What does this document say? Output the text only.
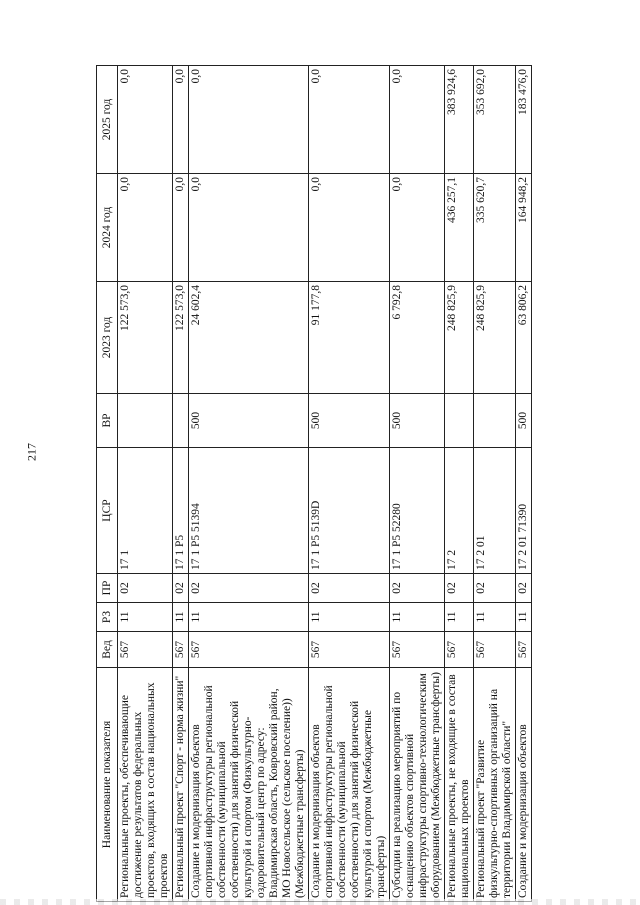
217
Наименование показателя	Вед	РЗ	ПР	ЦСР	ВР	2023 год	2024 год	2025 год
Региональные проекты, обеспечивающие достижение результатов федеральных проектов, входящих в состав национальных проектов	567	11	02	17 1		122 573,0	0,0	0,0
Региональный проект "Спорт - норма жизни"	567	11	02	17 1 P5		122 573,0	0,0	0,0
Создание и модернизация объектов спортивной инфраструктуры региональной собственности (муниципальной собственности) для занятий физической культурой и спортом (Физкультурно-оздоровительный центр по адресу: Владимирская область, Ковровский район, МО Новосельское (сельское поселение)) (Межбюджетные трансферты)	567	11	02	17 1 P5 51394	500	24 602,4	0,0	0,0
Создание и модернизация объектов спортивной инфраструктуры региональной собственности (муниципальной собственности) для занятий физической культурой и спортом (Межбюджетные трансферты)	567	11	02	17 1 P5 5139D	500	91 177,8	0,0	0,0
Субсидии на реализацию мероприятий по оснащению объектов спортивной инфраструктуры спортивно-технологическим оборудованием (Межбюджетные трансферты)	567	11	02	17 1 P5 52280	500	6 792,8	0,0	0,0
Региональные проекты, не входящие в состав национальных проектов	567	11	02	17 2		248 825,9	436 257,1	383 924,6
Региональный проект "Развитие физкультурно-спортивных организаций на территории Владимирской области"	567	11	02	17 2 01		248 825,9	335 620,7	353 692,0
Создание и модернизация объектов	567	11	02	17 2 01 71390	500	63 806,2	164 948,2	183 476,0
